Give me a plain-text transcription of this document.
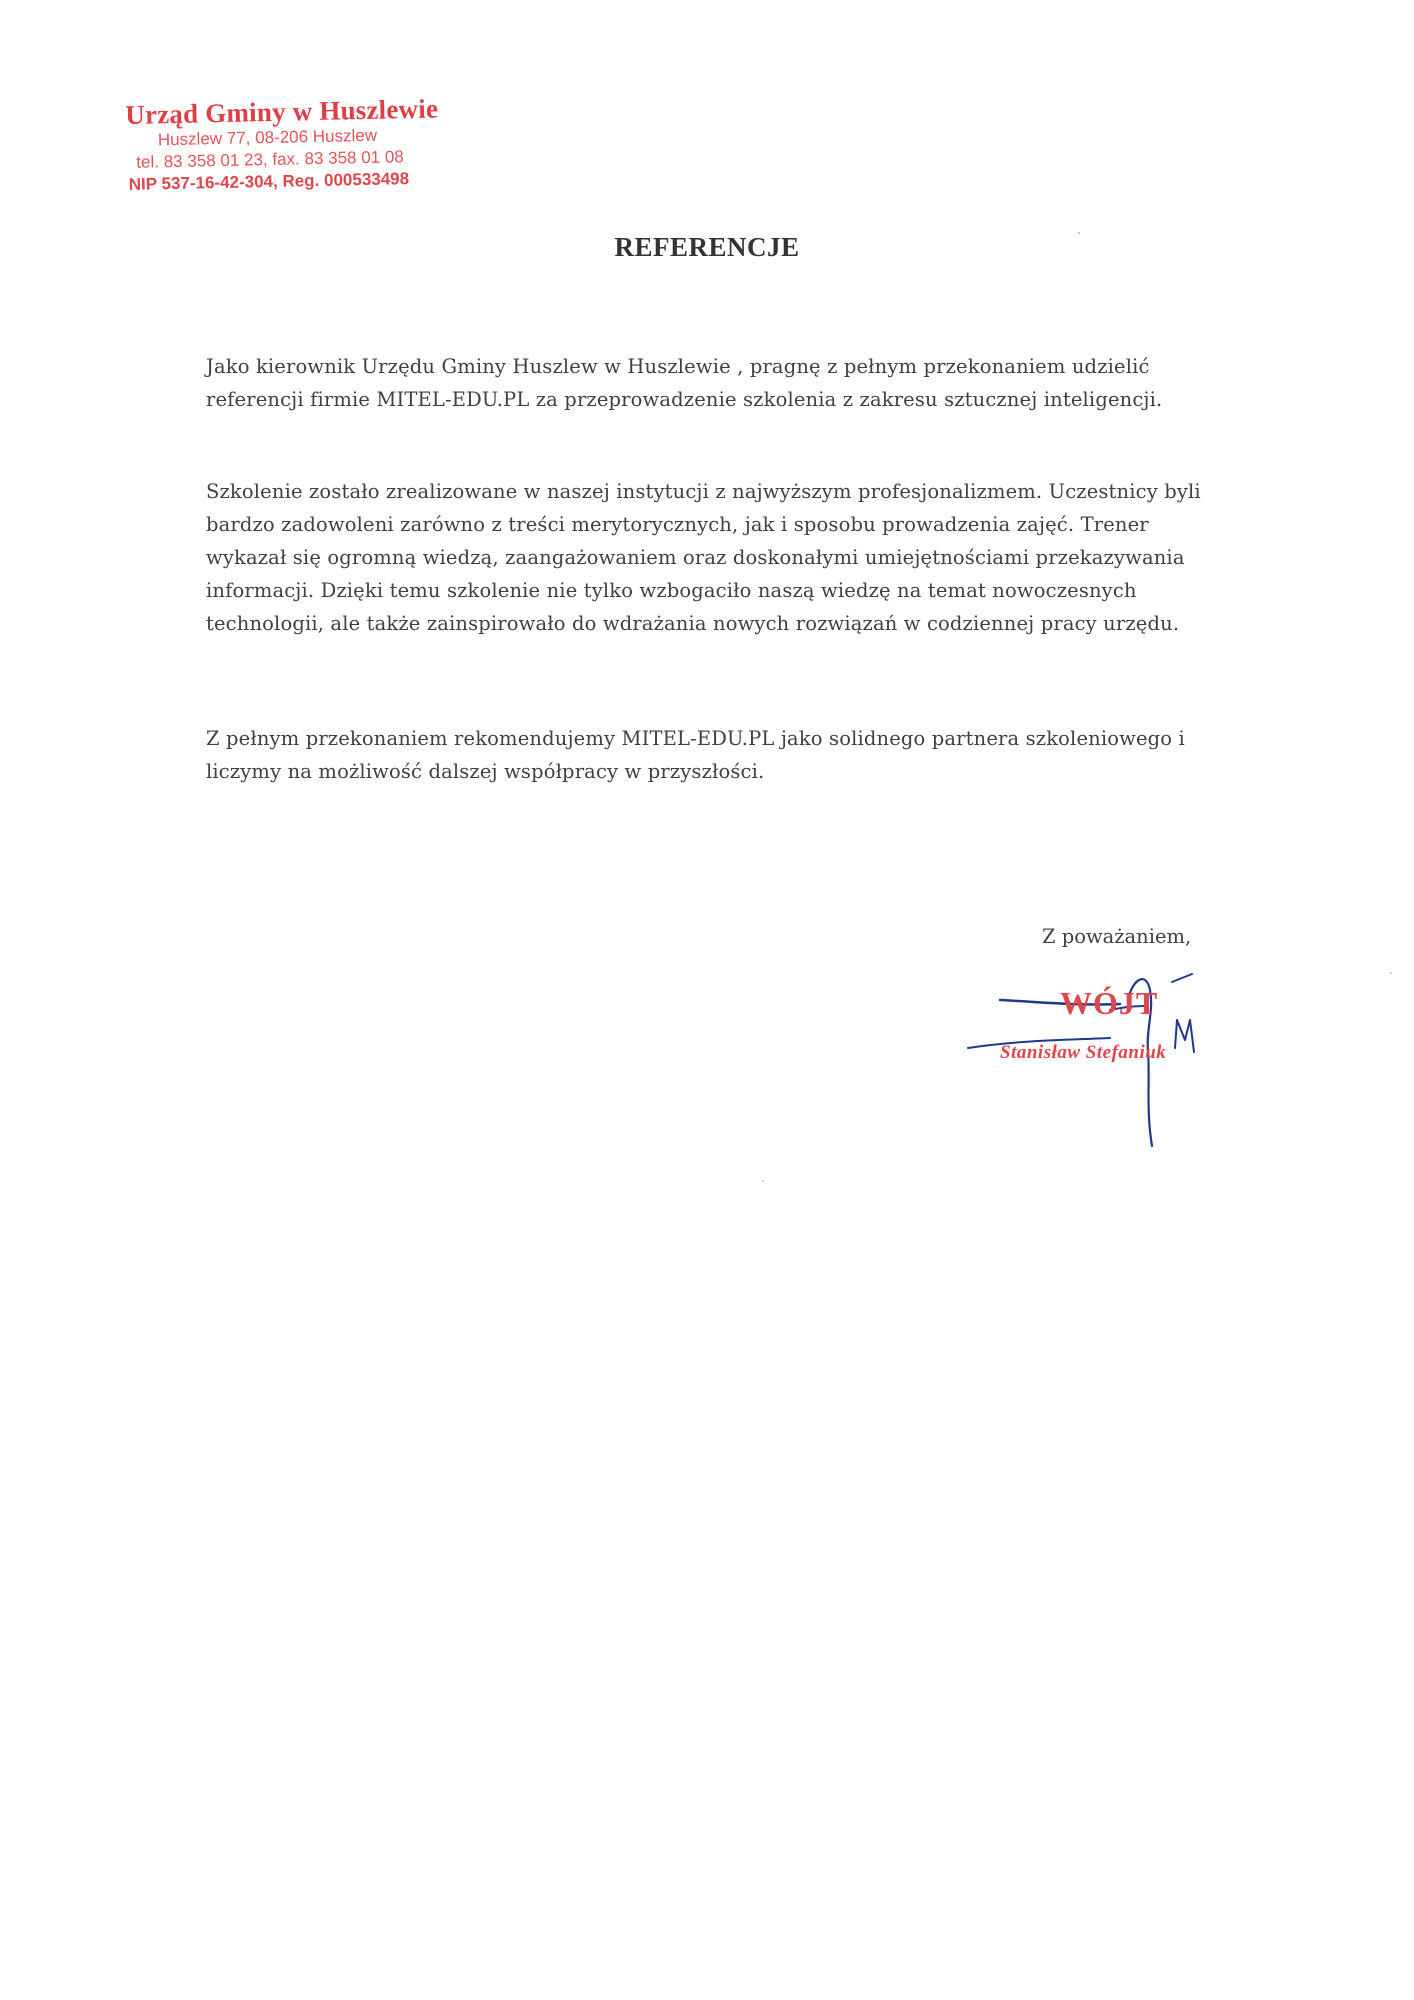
Urząd Gminy w Huszlewie
Huszlew 77, 08-206 Huszlew
tel. 83 358 01 23, fax. 83 358 01 08
NIP 537-16-42-304, Reg. 000533498
REFERENCJE

Jako kierownik Urzędu Gminy Huszlew w Huszlewie , pragnę z pełnym przekonaniem udzielić referencji firmie MITEL-EDU.PL za przeprowadzenie szkolenia z zakresu sztucznej inteligencji.

Szkolenie zostało zrealizowane w naszej instytucji z najwyższym profesjonalizmem. Uczestnicy byli bardzo zadowoleni zarówno z treści merytorycznych, jak i sposobu prowadzenia zajęć. Trener wykazał się ogromną wiedzą, zaangażowaniem oraz doskonałymi umiejętnościami przekazywania informacji. Dzięki temu szkolenie nie tylko wzbogaciło naszą wiedzę na temat nowoczesnych technologii, ale także zainspirowało do wdrażania nowych rozwiązań w codziennej pracy urzędu.

Z pełnym przekonaniem rekomendujemy MITEL-EDU.PL jako solidnego partnera szkoleniowego i liczymy na możliwość dalszej współpracy w przyszłości.

Z poważaniem,
WÓJT
Stanisław Stefaniuk
